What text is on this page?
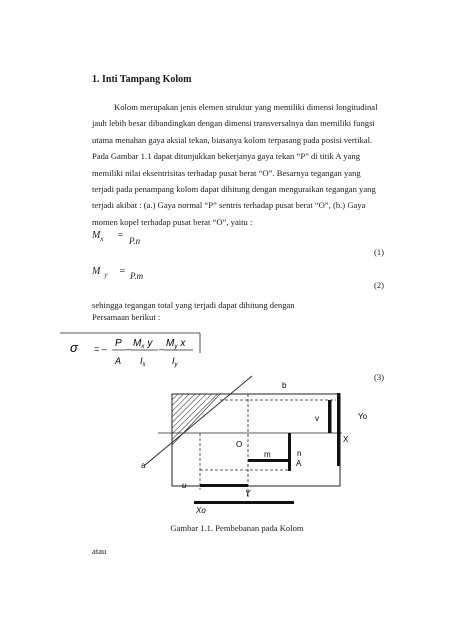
1. Inti Tampang Kolom

Kolom merupakan jenis elemen struktur yang memiliki dimensi longitudinal

jauh lebih besar dibandingkan dengan dimensi transversalnya dan memiliki fungsi

utama menahan gaya aksial tekan, biasanya kolom terpasang pada posisi vertikal.

Pada Gambar 1.1 dapat ditunjukkan bekerjanya gaya tekan “P” di titik A yang

memiliki nilai eksentrisitas terhadap pusat berat “O”. Besarnya tegangan yang

terjadi pada penampang kolom dapat dihitung dengan menguraikan tegangan yang

terjadi akibat : (a.) Gaya normal “P” sentris terhadap pusat berat “O”, (b.) Gaya

momen kopel terhadap pusat berat “O”, yaitu :

$M_x = P.n$
(1)
M $_y$ = P.m
(2)
sehingga tegangan total yang terjadi dapat dihitung dengan
Persamaan berikut :
σ = – P
A
– $M_x$ y
$I_x$
– $M_y$ x
$I_y$
(3)
b
a
v	Yo
X
O
n
A
m
u
Y
Xo
Gambar 1.1. Pembebanan pada Kolom
atau
